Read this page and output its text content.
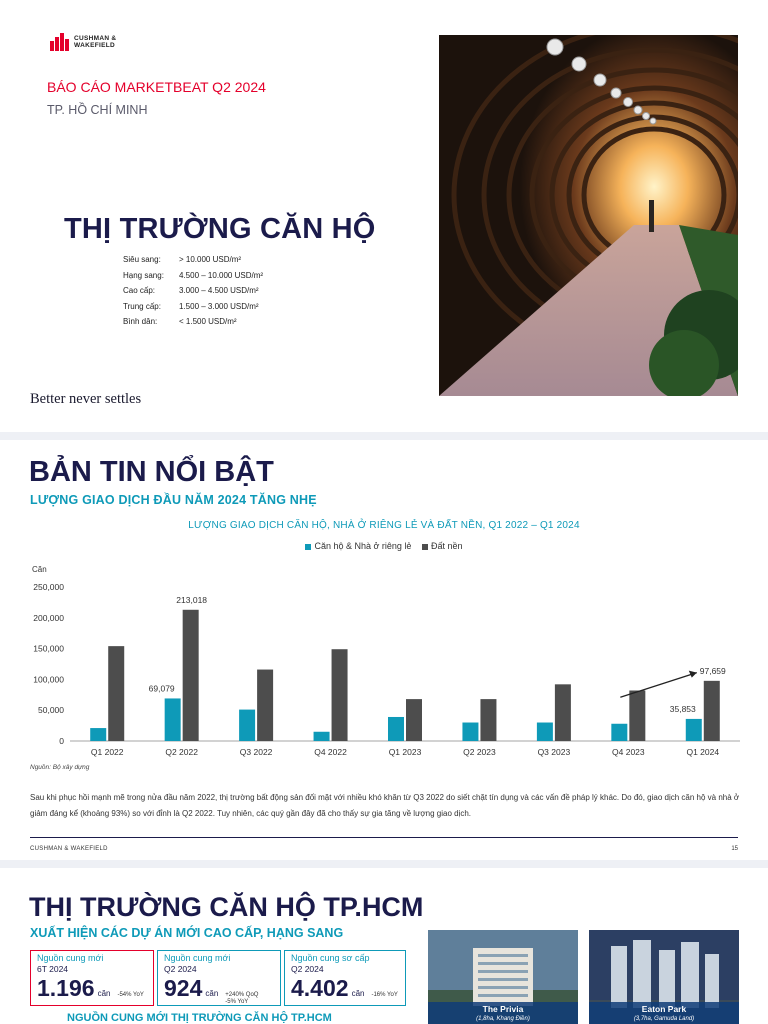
CUSHMAN &
WAKEFIELD
BÁO CÁO MARKETBEAT Q2 2024
TP. HỒ CHÍ MINH
THỊ TRƯỜNG CĂN HỘ
Siêu sang:	> 10.000 USD/m²
Hạng sang:	4.500 – 10.000 USD/m²
Cao cấp:	3.000 – 4.500 USD/m²
Trung cấp:	1.500 – 3.000 USD/m²
Bình dân:	< 1.500 USD/m²
Better never settles
BẢN TIN NỔI BẬT
LƯỢNG GIAO DỊCH ĐẦU NĂM 2024 TĂNG NHẸ
LƯỢNG GIAO DỊCH CĂN HỘ, NHÀ Ở RIÊNG LẺ VÀ ĐẤT NỀN, Q1 2022 – Q1 2024
Căn hộ & Nhà ở riêng lẻ Đất nền
Căn
0
50,000
100,000
150,000
200,000
250,000
Q1 2022	Q2 2022	Q3 2022	Q4 2022	Q1 2023	Q2 2023	Q3 2023	Q4 2023	Q1 2024
69,079
213,018
35,853
97,659
Nguồn: Bộ xây dựng
Sau khi phục hồi mạnh mẽ trong nửa đầu năm 2022, thị trường bất động sản đối mặt với nhiều khó khăn từ Q3 2022 do siết chặt tín dụng và các vấn đề pháp lý khác. Do đó, giao dịch căn hộ và nhà ở giảm đáng kể (khoảng 93%) so với đỉnh là Q2 2022. Tuy nhiên, các quý gần đây đã cho thấy sự gia tăng về lượng giao dịch.
CUSHMAN & WAKEFIELD	15
THỊ TRƯỜNG CĂN HỘ TP.HCM
XUẤT HIỆN CÁC DỰ ÁN MỚI CAO CẤP, HẠNG SANG
Nguồn cung mới
6T 2024
1.196 căn -54% YoY
Nguồn cung mới
Q2 2024
924 căn +240% QoQ
-5% YoY
Nguồn cung sơ cấp
Q2 2024
4.402 căn -16% YoY
NGUỒN CUNG MỚI THỊ TRƯỜNG CĂN HỘ TP.HCM
The Privia
(1,8ha, Khang Điền)
Eaton Park
(3,7ha, Gamuda Land)
